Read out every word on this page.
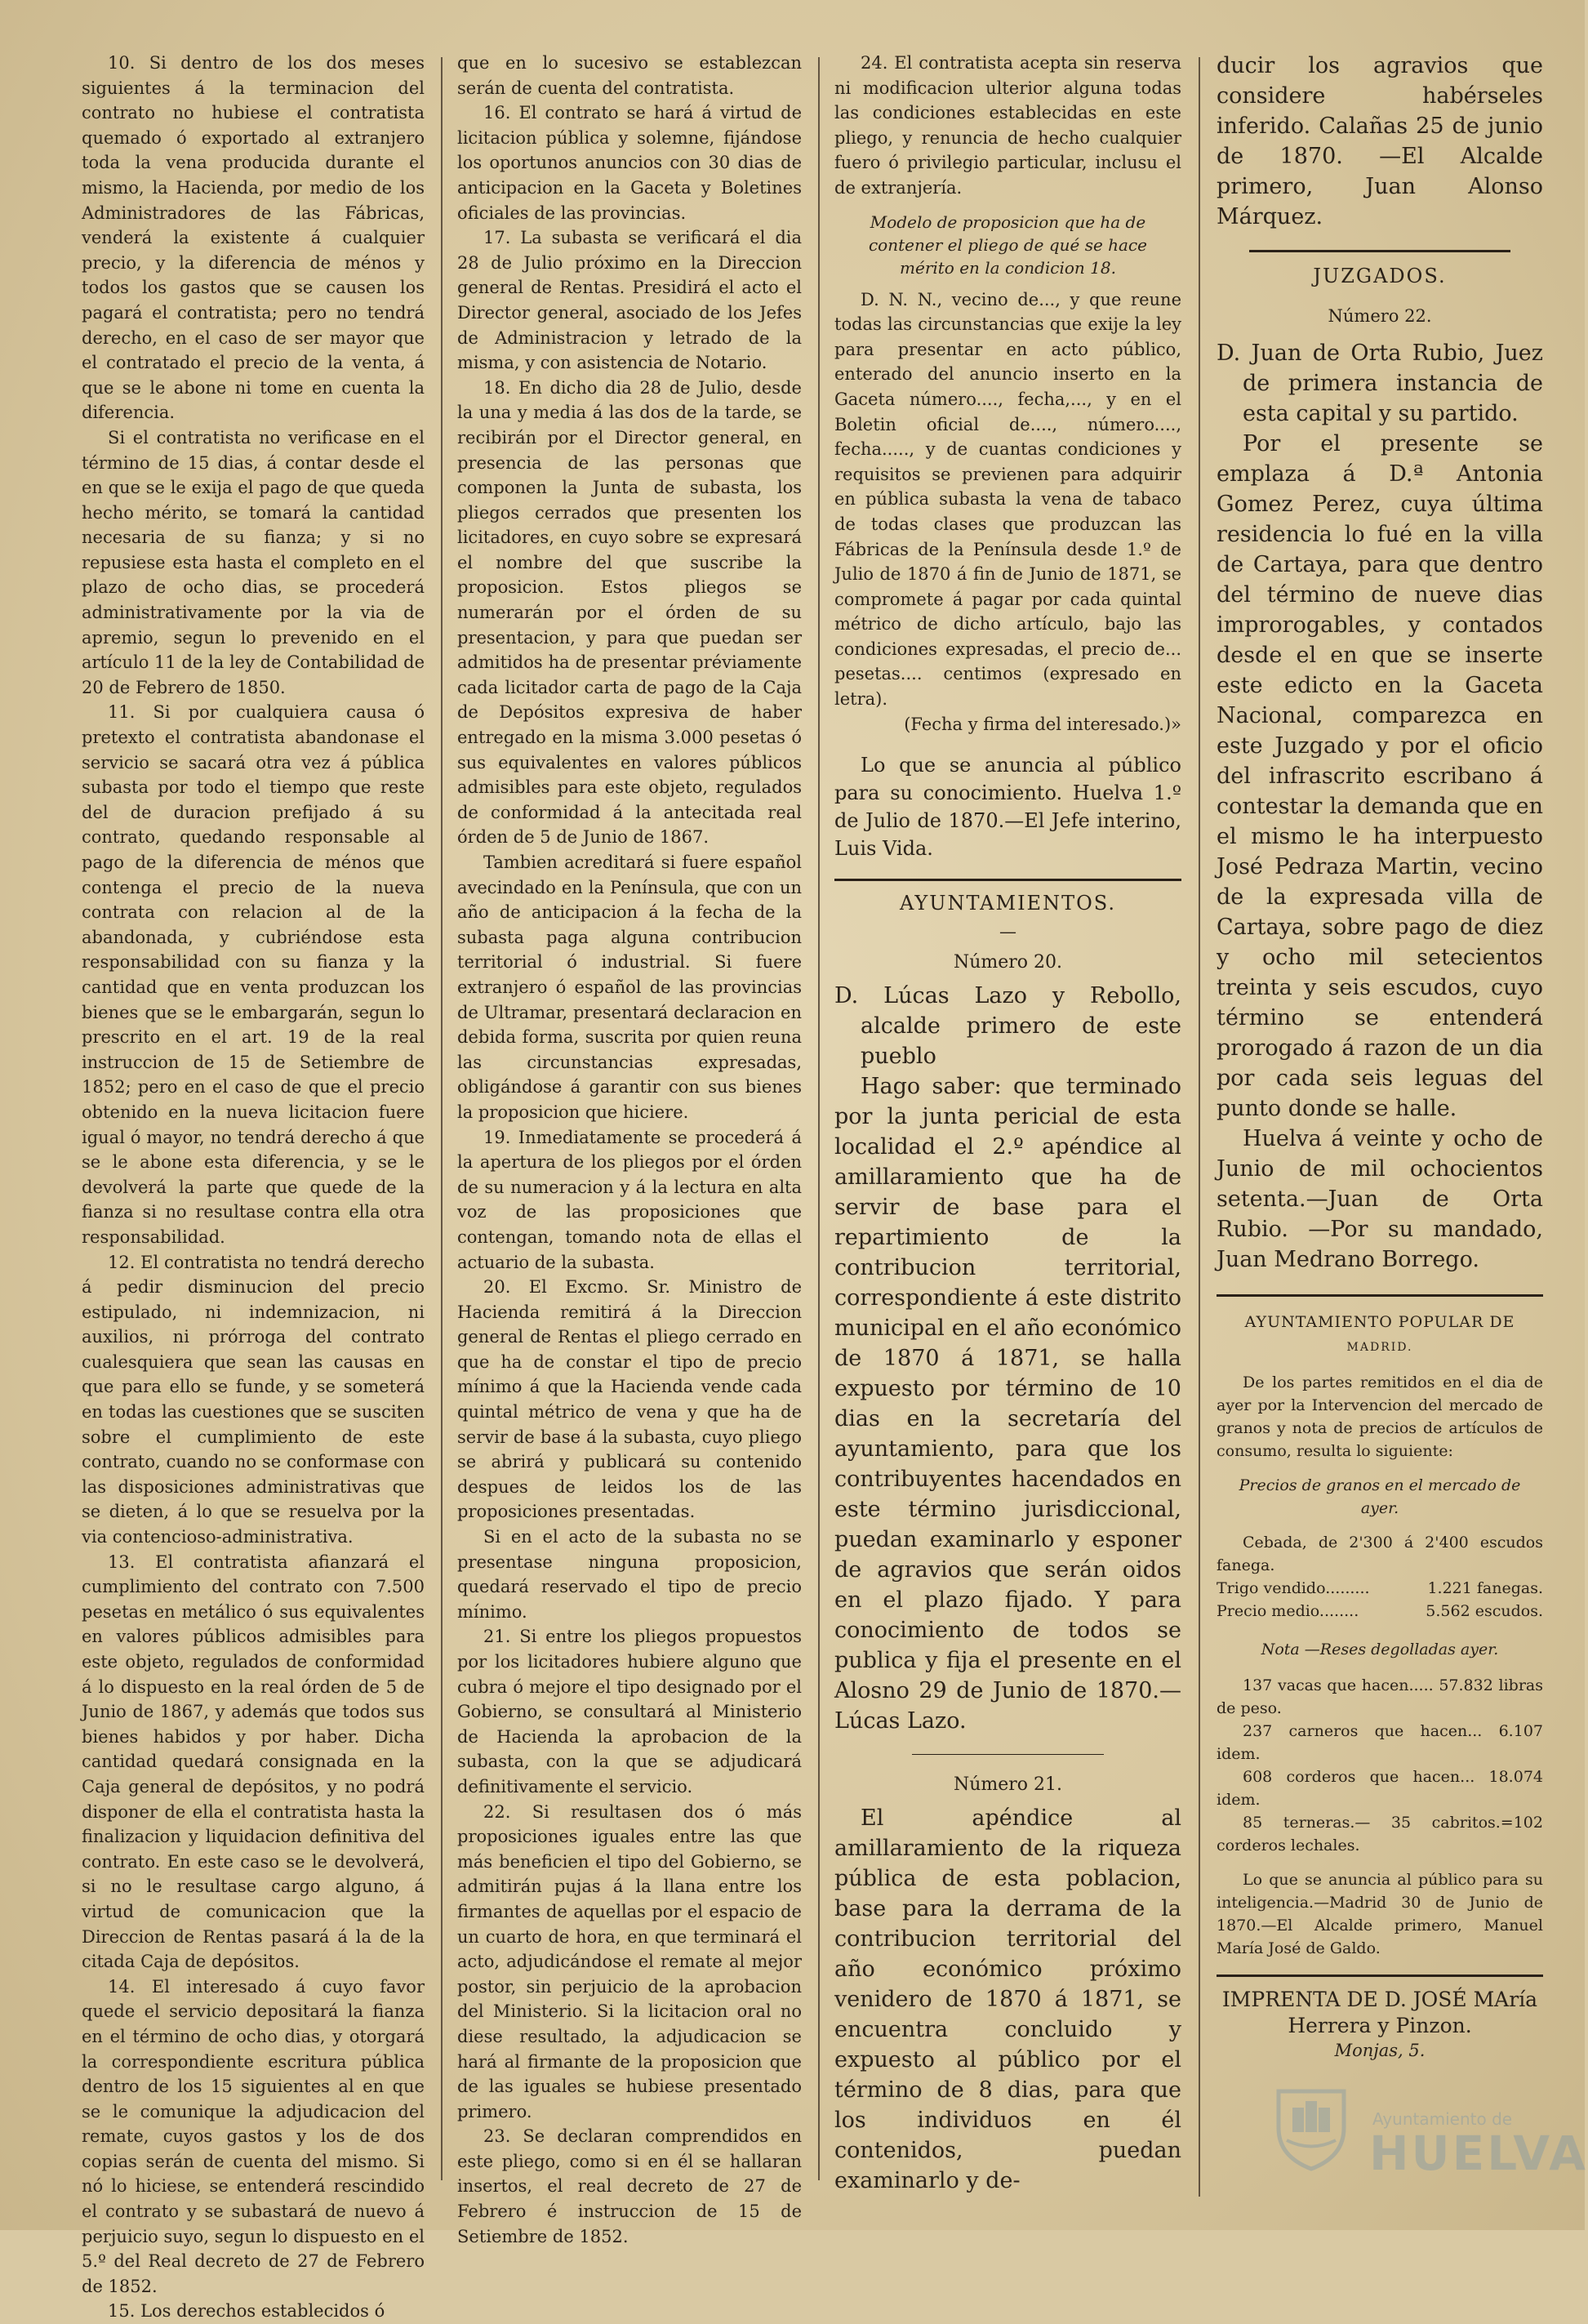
10. Si dentro de los dos meses siguientes á la terminacion del contrato no hubiese el contratista quemado ó exportado al extranjero toda la vena producida durante el mismo, la Hacienda, por medio de los Administradores de las Fábricas, venderá la existente á cualquier precio, y la diferencia de ménos y todos los gastos que se causen los pagará el contratista; pero no tendrá derecho, en el caso de ser mayor que el contratado el precio de la venta, á que se le abone ni tome en cuenta la diferencia.

Si el contratista no verificase en el término de 15 dias, á contar desde el en que se le exija el pago de que queda hecho mérito, se tomará la cantidad necesaria de su fianza; y si no repusiese esta hasta el completo en el plazo de ocho dias, se procederá administrativamente por la via de apremio, segun lo prevenido en el artículo 11 de la ley de Contabilidad de 20 de Febrero de 1850.

11. Si por cualquiera causa ó pretexto el contratista abandonase el servicio se sacará otra vez á pública subasta por todo el tiempo que reste del de duracion prefijado á su contrato, quedando responsable al pago de la diferencia de ménos que contenga el precio de la nueva contrata con relacion al de la abandonada, y cubriéndose esta responsabilidad con su fianza y la cantidad que en venta produzcan los bienes que se le embargarán, segun lo prescrito en el art. 19 de la real instruccion de 15 de Setiembre de 1852; pero en el caso de que el precio obtenido en la nueva licitacion fuere igual ó mayor, no tendrá derecho á que se le abone esta diferencia, y se le devolverá la parte que quede de la fianza si no resultase contra ella otra responsabilidad.

12. El contratista no tendrá derecho á pedir disminucion del precio estipulado, ni indemnizacion, ni auxilios, ni prórroga del contrato cualesquiera que sean las causas en que para ello se funde, y se someterá en todas las cuestiones que se susciten sobre el cumplimiento de este contrato, cuando no se conformase con las disposiciones administrativas que se dieten, á lo que se resuelva por la via contencioso-administrativa.

13. El contratista afianzará el cumplimiento del contrato con 7.500 pesetas en metálico ó sus equivalentes en valores públicos admisibles para este objeto, regulados de conformidad á lo dispuesto en la real órden de 5 de Junio de 1867, y además que todos sus bienes habidos y por haber. Dicha cantidad quedará consignada en la Caja general de depósitos, y no podrá disponer de ella el contratista hasta la finalizacion y liquidacion definitiva del contrato. En este caso se le devolverá, si no le resultase cargo alguno, á virtud de comunicacion que la Direccion de Rentas pasará á la de la citada Caja de depósitos.

14. El interesado á cuyo favor quede el servicio depositará la fianza en el término de ocho dias, y otorgará la correspondiente escritura pública dentro de los 15 siguientes al en que se le comunique la adjudicacion del remate, cuyos gastos y los de dos copias serán de cuenta del mismo. Si nó lo hiciese, se entenderá rescindido el contrato y se subastará de nuevo á perjuicio suyo, segun lo dispuesto en el 5.º del Real decreto de 27 de Febrero de 1852.

15. Los derechos establecidos ó

que en lo sucesivo se establezcan serán de cuenta del contratista.

16. El contrato se hará á virtud de licitacion pública y solemne, fijándose los oportunos anuncios con 30 dias de anticipacion en la Gaceta y Boletines oficiales de las provincias.

17. La subasta se verificará el dia 28 de Julio próximo en la Direccion general de Rentas. Presidirá el acto el Director general, asociado de los Jefes de Administracion y letrado de la misma, y con asistencia de Notario.

18. En dicho dia 28 de Julio, desde la una y media á las dos de la tarde, se recibirán por el Director general, en presencia de las personas que componen la Junta de subasta, los pliegos cerrados que presenten los licitadores, en cuyo sobre se expresará el nombre del que suscribe la proposicion. Estos pliegos se numerarán por el órden de su presentacion, y para que puedan ser admitidos ha de presentar préviamente cada licitador carta de pago de la Caja de Depósitos expresiva de haber entregado en la misma 3.000 pesetas ó sus equivalentes en valores públicos admisibles para este objeto, regulados de conformidad á la antecitada real órden de 5 de Junio de 1867.

Tambien acreditará si fuere español avecindado en la Península, que con un año de anticipacion á la fecha de la subasta paga alguna contribucion territorial ó industrial. Si fuere extranjero ó español de las provincias de Ultramar, presentará declaracion en debida forma, suscrita por quien reuna las circunstancias expresadas, obligándose á garantir con sus bienes la proposicion que hiciere.

19. Inmediatamente se procederá á la apertura de los pliegos por el órden de su numeracion y á la lectura en alta voz de las proposiciones que contengan, tomando nota de ellas el actuario de la subasta.

20. El Excmo. Sr. Ministro de Hacienda remitirá á la Direccion general de Rentas el pliego cerrado en que ha de constar el tipo de precio mínimo á que la Hacienda vende cada quintal métrico de vena y que ha de servir de base á la subasta, cuyo pliego se abrirá y publicará su contenido despues de leidos los de las proposiciones presentadas.

Si en el acto de la subasta no se presentase ninguna proposicion, quedará reservado el tipo de precio mínimo.

21. Si entre los pliegos propuestos por los licitadores hubiere alguno que cubra ó mejore el tipo designado por el Gobierno, se consultará al Ministerio de Hacienda la aprobacion de la subasta, con la que se adjudicará definitivamente el servicio.

22. Si resultasen dos ó más proposiciones iguales entre las que más beneficien el tipo del Gobierno, se admitirán pujas á la llana entre los firmantes de aquellas por el espacio de un cuarto de hora, en que terminará el acto, adjudicándose el remate al mejor postor, sin perjuicio de la aprobacion del Ministerio. Si la licitacion oral no diese resultado, la adjudicacion se hará al firmante de la proposicion que de las iguales se hubiese presentado primero.

23. Se declaran comprendidos en este pliego, como si en él se hallaran insertos, el real decreto de 27 de Febrero é instruccion de 15 de Setiembre de 1852.

24. El contratista acepta sin reserva ni modificacion ulterior alguna todas las condiciones establecidas en este pliego, y renuncia de hecho cualquier fuero ó privilegio particular, inclusu el de extranjería.

Modelo de proposicion que ha de contener el pliego de qué se hace mérito en la condicion 18.

D. N. N., vecino de..., y que reune todas las circunstancias que exije la ley para presentar en acto público, enterado del anuncio inserto en la Gaceta número...., fecha,..., y en el Boletin oficial de...., número...., fecha....., y de cuantas condiciones y requisitos se previenen para adquirir en pública subasta la vena de tabaco de todas clases que produzcan las Fábricas de la Península desde 1.º de Julio de 1870 á fin de Junio de 1871, se compromete á pagar por cada quintal métrico de dicho artículo, bajo las condiciones expresadas, el precio de... pesetas.... centimos (expresado en letra).

(Fecha y firma del interesado.)»

Lo que se anuncia al público para su conocimiento. Huelva 1.º de Julio de 1870.—El Jefe interino, Luis Vida.

AYUNTAMIENTOS.
—
Número 20.

D. Lúcas Lazo y Rebollo, alcalde primero de este pueblo

Hago saber: que terminado por la junta pericial de esta localidad el 2.º apéndice al amillaramiento que ha de servir de base para el repartimiento de la contribucion territorial, correspondiente á este distrito municipal en el año económico de 1870 á 1871, se halla expuesto por término de 10 dias en la secretaría del ayuntamiento, para que los contribuyentes hacendados en este término jurisdiccional, puedan examinarlo y esponer de agravios que serán oidos en el plazo fijado. Y para conocimiento de todos se publica y fija el presente en el Alosno 29 de Junio de 1870.—Lúcas Lazo.

Número 21.

El apéndice al amillaramiento de la riqueza pública de esta poblacion, base para la derrama de la contribucion territorial del año económico próximo venidero de 1870 á 1871, se encuentra concluido y expuesto al público por el término de 8 dias, para que los individuos en él contenidos, puedan examinarlo y de-

ducir los agravios que considere habérseles inferido. Calañas 25 de junio de 1870. —El Alcalde primero, Juan Alonso Márquez.

JUZGADOS.
Número 22.

D. Juan de Orta Rubio, Juez de primera instancia de esta capital y su partido.

Por el presente se emplaza á D.ª Antonia Gomez Perez, cuya última residencia lo fué en la villa de Cartaya, para que dentro del término de nueve dias improrogables, y contados desde el en que se inserte este edicto en la Gaceta Nacional, comparezca en este Juzgado y por el oficio del infrascrito escribano á contestar la demanda que en el mismo le ha interpuesto José Pedraza Martin, vecino de la expresada villa de Cartaya, sobre pago de diez y ocho mil setecientos treinta y seis escudos, cuyo término se entenderá prorogado á razon de un dia por cada seis leguas del punto donde se halle.

Huelva á veinte y ocho de Junio de mil ochocientos setenta.—Juan de Orta Rubio. —Por su mandado, Juan Medrano Borrego.

AYUNTAMIENTO POPULAR DE
MADRID.

De los partes remitidos en el dia de ayer por la Intervencion del mercado de granos y nota de precios de artículos de consumo, resulta lo siguiente:

Precios de granos en el mercado de ayer.

Cebada, de 2'300 á 2'400 escudos fanega.

Trigo vendido.........	1.221 fanegas.
Precio medio........	5.562 escudos.

Nota —Reses degolladas ayer.

137 vacas que hacen..... 57.832 libras de peso.

237 carneros que hacen... 6.107 idem.

608 corderos que hacen... 18.074 idem.

85 terneras.— 35 cabritos.=102 corderos lechales.

Lo que se anuncia al público para su inteligencia.—Madrid 30 de Junio de 1870.—El Alcalde primero, Manuel María José de Galdo.

IMPRENTA DE D. JOSÉ MAría Herrera y Pinzon.
Monjas, 5.
Ayuntamiento de
HUELVA
